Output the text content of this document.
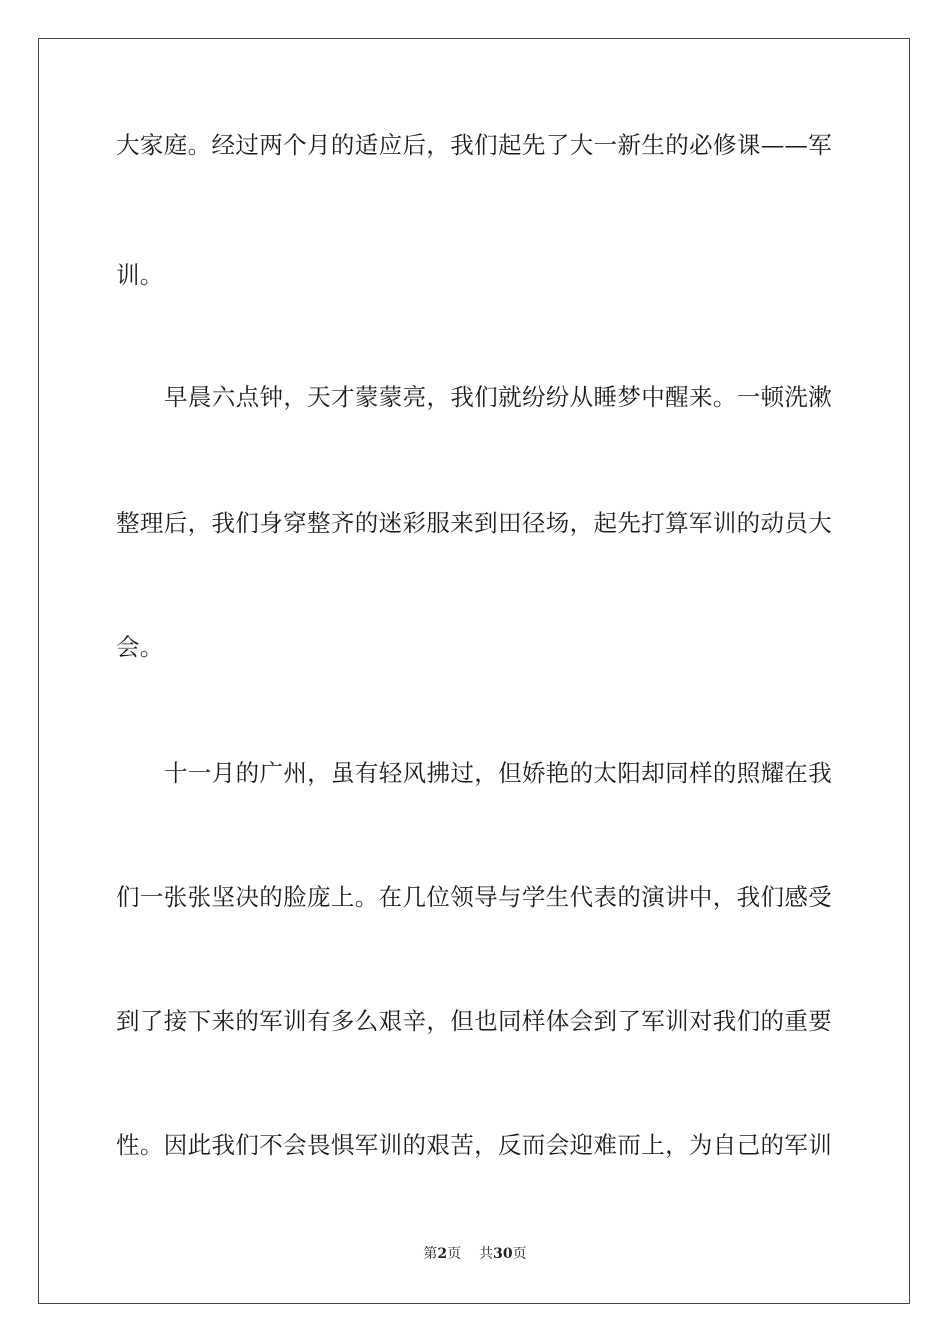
大家庭。经过两个月的适应后，我们起先了大一新生的必修课——军
训。
早晨六点钟，天才蒙蒙亮，我们就纷纷从睡梦中醒来。一顿洗漱
整理后，我们身穿整齐的迷彩服来到田径场，起先打算军训的动员大
会。
十一月的广州，虽有轻风拂过，但娇艳的太阳却同样的照耀在我
们一张张坚决的脸庞上。在几位领导与学生代表的演讲中，我们感受
到了接下来的军训有多么艰辛，但也同样体会到了军训对我们的重要
性。因此我们不会畏惧军训的艰苦，反而会迎难而上，为自己的军训
第2页 共30页
